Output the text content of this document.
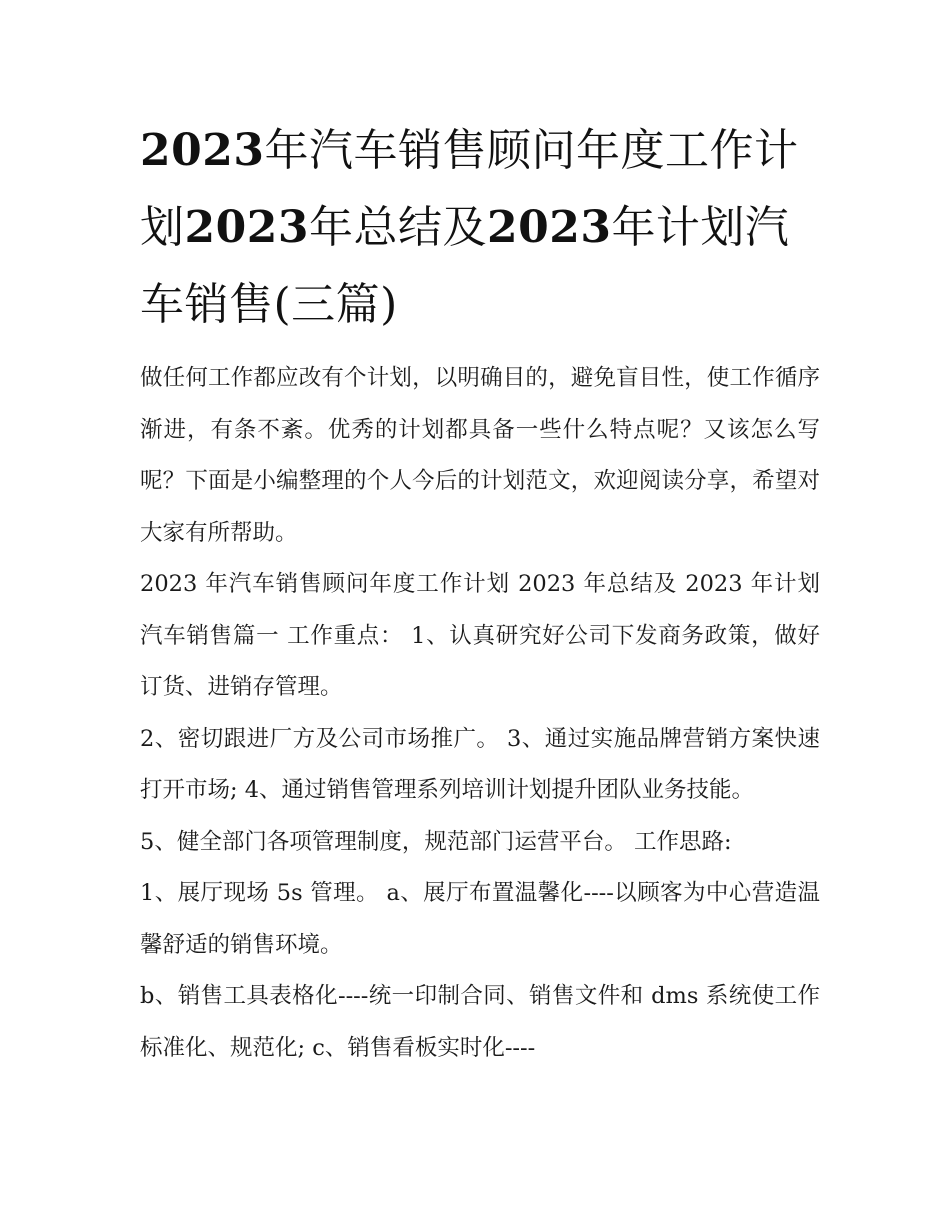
2023年汽车销售顾问年度工作计划2023年总结及2023年计划汽车销售(三篇)

做任何工作都应改有个计划，以明确目的，避免盲目性，使工作循序渐进，有条不紊。优秀的计划都具备一些什么特点呢？又该怎么写呢？下面是小编整理的个人今后的计划范文，欢迎阅读分享，希望对大家有所帮助。

2023 年汽车销售顾问年度工作计划 2023 年总结及 2023 年计划汽车销售篇一 工作重点： 1、认真研究好公司下发商务政策，做好订货、进销存管理。

2、密切跟进厂方及公司市场推广。 3、通过实施品牌营销方案快速打开市场; 4、通过销售管理系列培训计划提升团队业务技能。

5、健全部门各项管理制度，规范部门运营平台。 工作思路:

1、展厅现场 5s 管理。 a、展厅布置温馨化----以顾客为中心营造温馨舒适的销售环境。

b、销售工具表格化----统一印制合同、销售文件和 dms 系统使工作标准化、规范化; c、销售看板实时化----
